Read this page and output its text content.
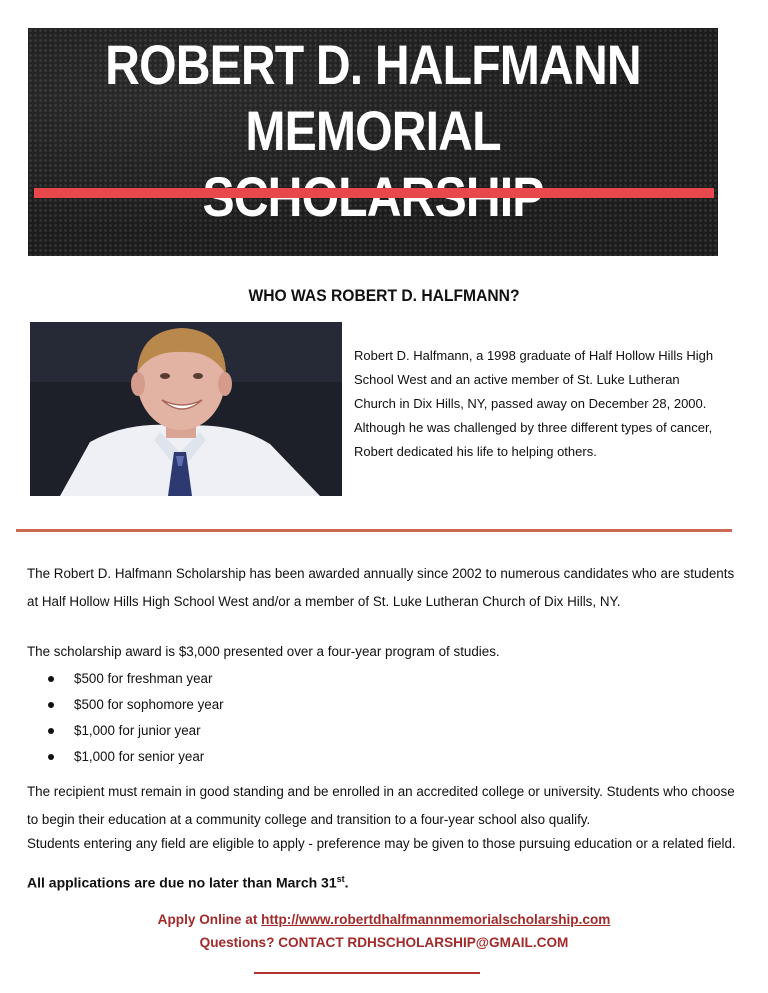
ROBERT D. HALFMANN MEMORIAL
WHO WAS ROBERT D. HALFMANN?
Robert D. Halfmann, a 1998 graduate of Half Hollow Hills High School West and an active member of St. Luke Lutheran Church in Dix Hills, NY, passed away on December 28, 2000. Although he was challenged by three different types of cancer, Robert dedicated his life to helping others.
The Robert D. Halfmann Scholarship has been awarded annually since 2002 to numerous candidates who are students at Half Hollow Hills High School West and/or a member of St. Luke Lutheran Church of Dix Hills, NY.
The scholarship award is $3,000 presented over a four-year program of studies.
$500 for freshman year
$500 for sophomore year
$1,000 for junior year
$1,000 for senior year
The recipient must remain in good standing and be enrolled in an accredited college or university. Students who choose to begin their education at a community college and transition to a four-year school also qualify.
Students entering any field are eligible to apply - preference may be given to those pursuing education or a related field.
All applications are due no later than March 31st.
Apply Online at http://www.robertdhalfmannmemorialscholarship.com
Questions? CONTACT RDHSCHOLARSHIP@GMAIL.COM
